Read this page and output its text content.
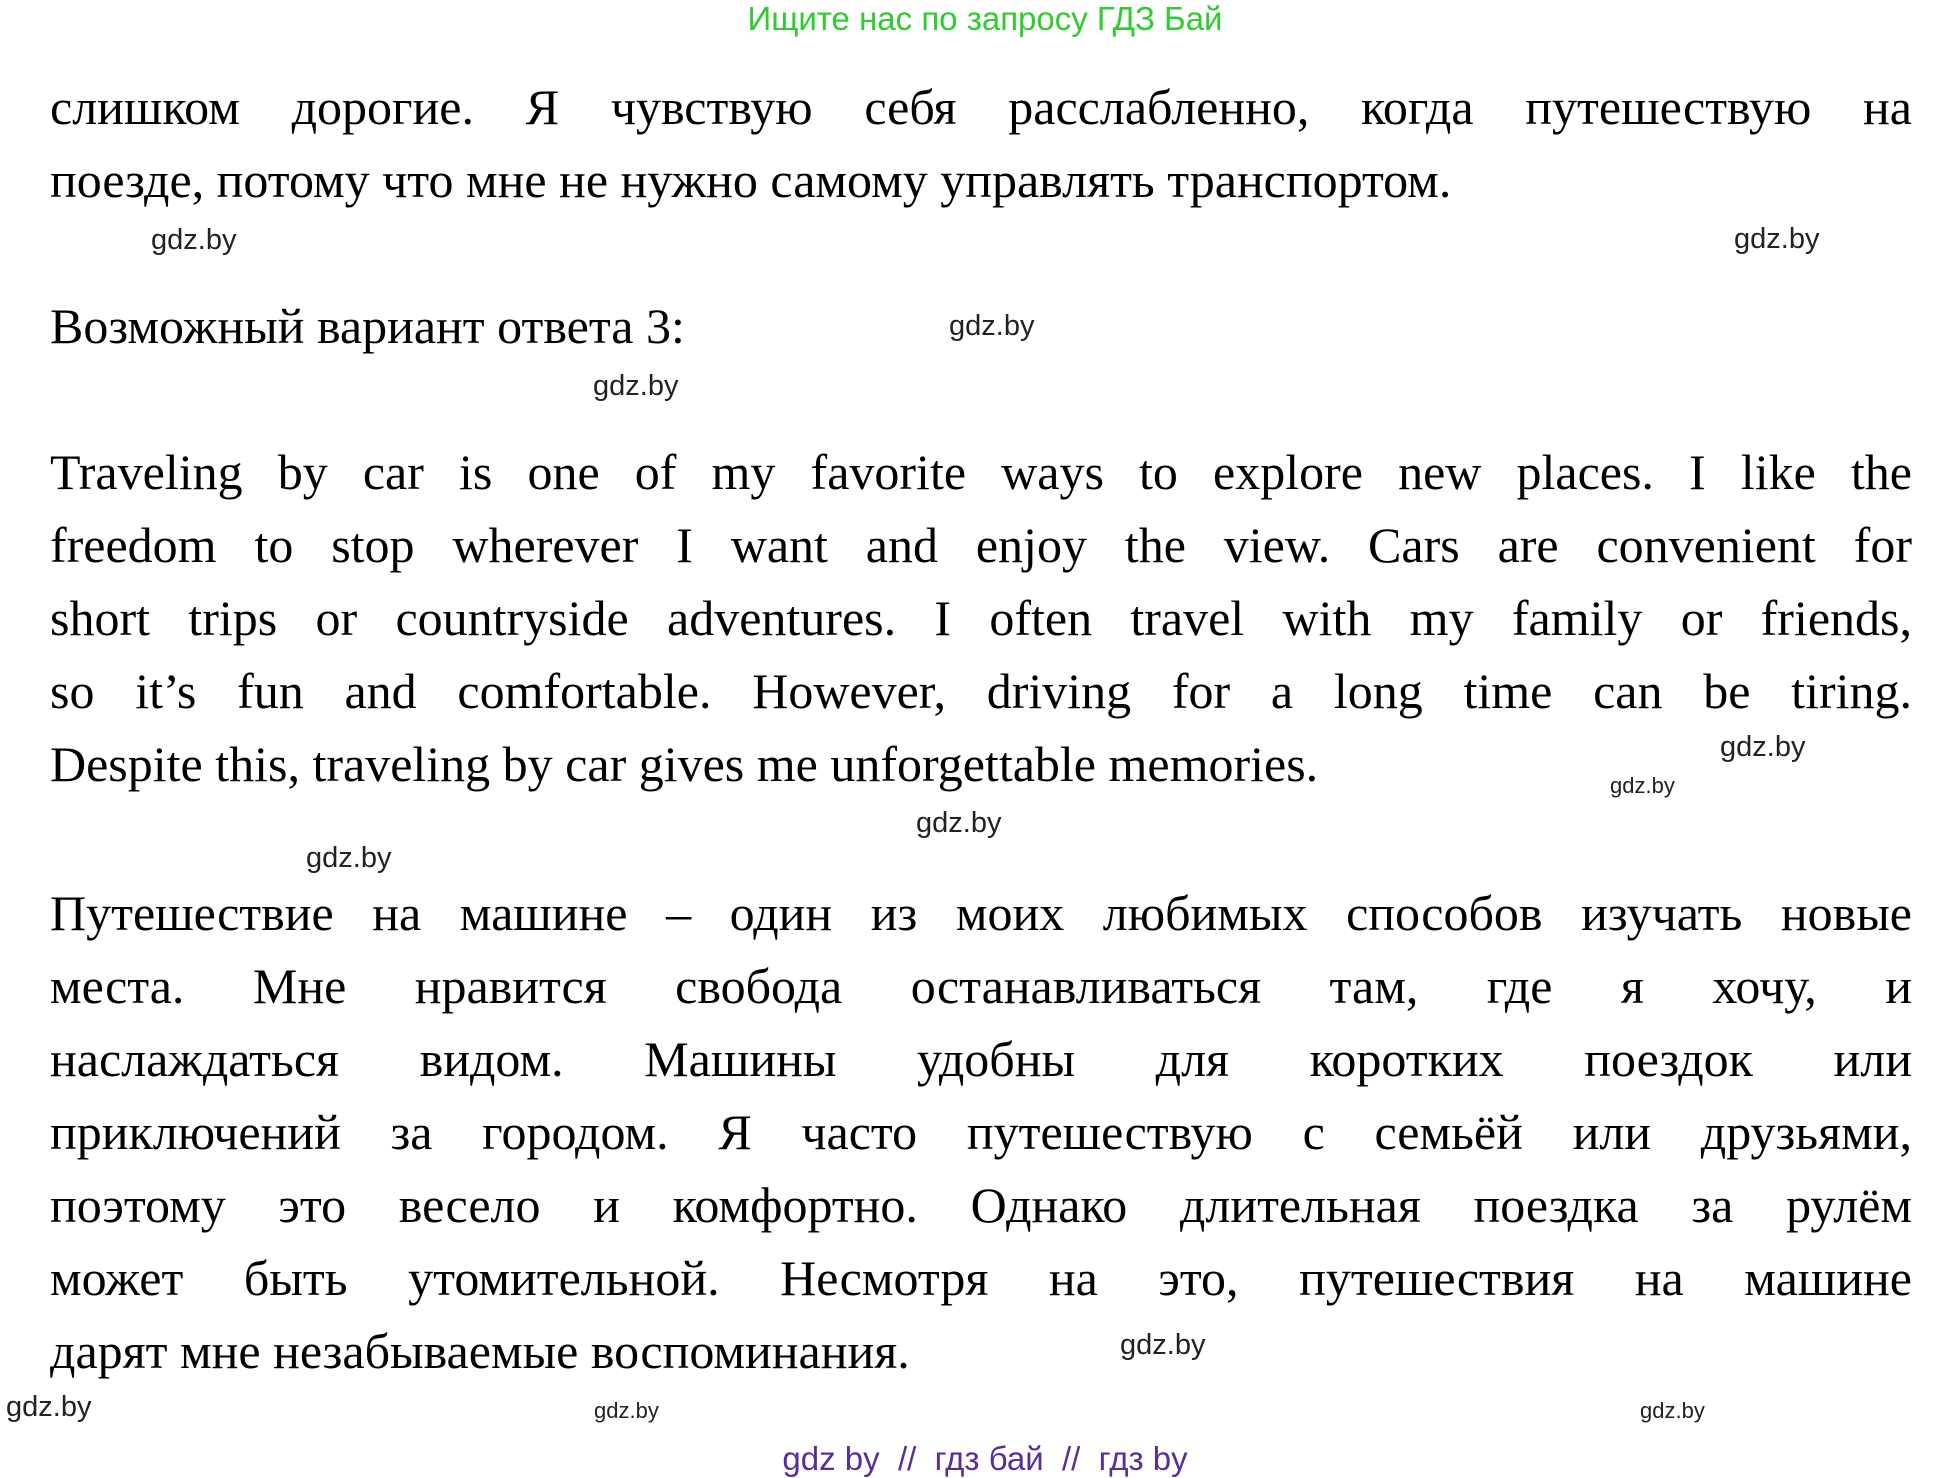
Ищите нас по запросу ГДЗ Бай
слишком дорогие. Я чувствую себя расслабленно, когда путешествую на
поезде, потому что мне не нужно самому управлять транспортом.
Возможный вариант ответа 3:
Traveling by car is one of my favorite ways to explore new places. I like the
freedom to stop wherever I want and enjoy the view. Cars are convenient for
short trips or countryside adventures. I often travel with my family or friends,
so it’s fun and comfortable. However, driving for a long time can be tiring.
Despite this, traveling by car gives me unforgettable memories.
Путешествие на машине – один из моих любимых способов изучать новые
места. Мне нравится свобода останавливаться там, где я хочу, и
наслаждаться видом. Машины удобны для коротких поездок или
приключений за городом. Я часто путешествую с семьёй или друзьями,
поэтому это весело и комфортно. Однако длительная поездка за рулём
может быть утомительной. Несмотря на это, путешествия на машине
дарят мне незабываемые воспоминания.
gdz.by
gdz.by
gdz.by
gdz.by
gdz.by
gdz.by
gdz.by
gdz.by
gdz.by
gdz.by
gdz.by
gdz.by
gdz by  //  гдз бай  //  гдз by
